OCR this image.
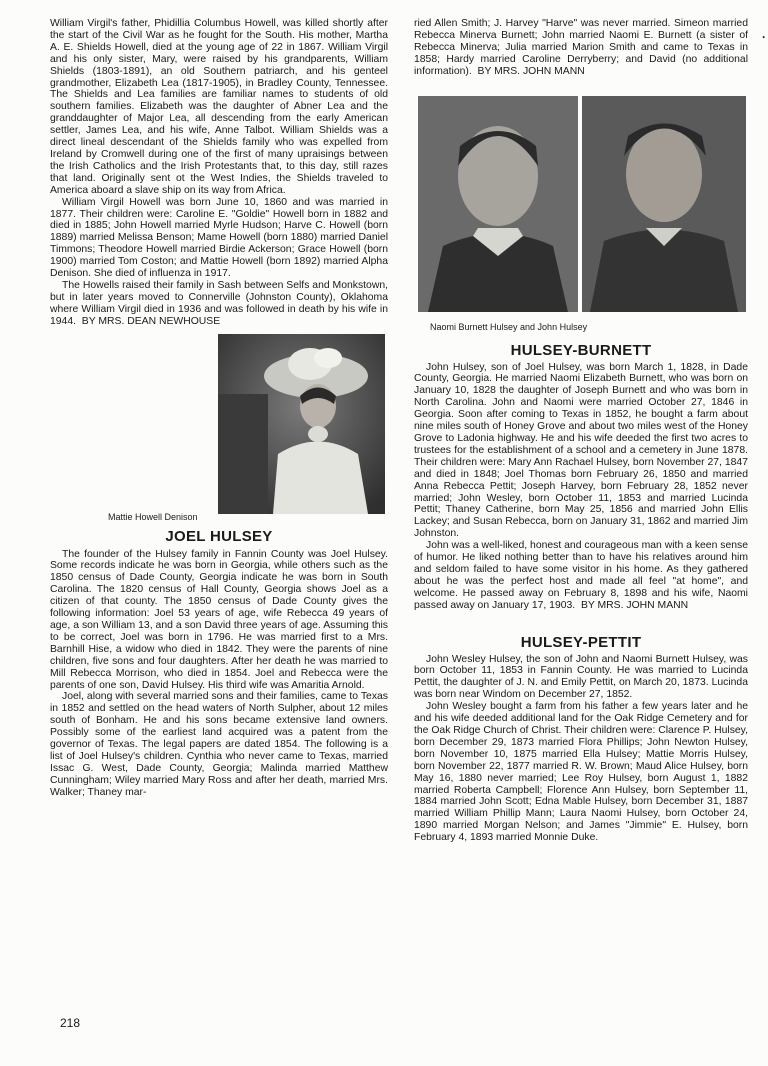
William Virgil's father, Phidillia Columbus Howell, was killed shortly after the start of the Civil War as he fought for the South. His mother, Martha A. E. Shields Howell, died at the young age of 22 in 1867. William Virgil and his only sister, Mary, were raised by his grandparents, William Shields (1803-1891), an old Southern patriarch, and his genteel grandmother, Elizabeth Lea (1817-1905), in Bradley County, Tennessee. The Shields and Lea families are familiar names to students of old southern families. Elizabeth was the daughter of Abner Lea and the granddaughter of Major Lea, all descending from the early American settler, James Lea, and his wife, Anne Talbot. William Shields was a direct lineal descendant of the Shields family who was expelled from Ireland by Cromwell during one of the first of many upraisings between the Irish Catholics and the Irish Protestants that, to this day, still razes that land. Originally sent ot the West Indies, the Shields traveled to America aboard a slave ship on its way from Africa.

William Virgil Howell was born June 10, 1860 and was married in 1877. Their children were: Caroline E. "Goldie" Howell born in 1882 and died in 1885; John Howell married Myrle Hudson; Harve C. Howell (born 1889) married Melissa Benson; Mame Howell (born 1880) married Daniel Timmons; Theodore Howell married Birdie Ackerson; Grace Howell (born 1900) married Tom Coston; and Mattie Howell (born 1892) married Alpha Denison. She died of influenza in 1917.

The Howells raised their family in Sash between Selfs and Monkstown, but in later years moved to Connerville (Johnston County), Oklahoma where William Virgil died in 1936 and was followed in death by his wife in 1944. BY MRS. DEAN NEWHOUSE

Mattie Howell Denison

JOEL HULSEY

The founder of the Hulsey family in Fannin County was Joel Hulsey. Some records indicate he was born in Georgia, while others such as the 1850 census of Dade County, Georgia indicate he was born in South Carolina. The 1820 census of Hall County, Georgia shows Joel as a citizen of that county. The 1850 census of Dade County gives the following information: Joel 53 years of age, wife Rebecca 49 years of age, a son William 13, and a son David three years of age. Assuming this to be correct, Joel was born in 1796. He was married first to a Mrs. Barnhill Hise, a widow who died in 1842. They were the parents of nine children, five sons and four daughters. After her death he was married to Mill Rebecca Morrison, who died in 1854. Joel and Rebecca were the parents of one son, David Hulsey. His third wife was Amaritia Arnold.

Joel, along with several married sons and their families, came to Texas in 1852 and settled on the head waters of North Sulpher, about 12 miles south of Bonham. He and his sons became extensive land owners. Possibly some of the earliest land acquired was a patent from the governor of Texas. The legal papers are dated 1854. The following is a list of Joel Hulsey's children. Cynthia who never came to Texas, married Issac G. West, Dade County, Georgia; Malinda married Matthew Cunningham; Wiley married Mary Ross and after her death, married Mrs. Walker; Thaney mar-

ried Allen Smith; J. Harvey "Harve" was never married. Simeon married Rebecca Minerva Burnett; John married Naomi E. Burnett (a sister of Rebecca Minerva; Julia married Marion Smith and came to Texas in 1858; Hardy married Caroline Derryberry; and David (no additional information). BY MRS. JOHN MANN

Naomi Burnett Hulsey and John Hulsey

HULSEY-BURNETT

John Hulsey, son of Joel Hulsey, was born March 1, 1828, in Dade County, Georgia. He married Naomi Elizabeth Burnett, who was born on January 10, 1828 the daughter of Joseph Burnett and who was born in North Carolina. John and Naomi were married October 27, 1846 in Georgia. Soon after coming to Texas in 1852, he bought a farm about nine miles south of Honey Grove and about two miles west of the Honey Grove to Ladonia highway. He and his wife deeded the first two acres to trustees for the establishment of a school and a cemetery in June 1878. Their children were: Mary Ann Rachael Hulsey, born November 27, 1847 and died in 1848; Joel Thomas born February 26, 1850 and married Anna Rebecca Pettit; Joseph Harvey, born February 28, 1852 never married; John Wesley, born October 11, 1853 and married Lucinda Pettit; Thaney Catherine, born May 25, 1856 and married John Ellis Lackey; and Susan Rebecca, born on January 31, 1862 and married Jim Johnston.

John was a well-liked, honest and courageous man with a keen sense of humor. He liked nothing better than to have his relatives around him and seldom failed to have some visitor in his home. As they gathered about he was the perfect host and made all feel "at home", and welcome. He passed away on February 8, 1898 and his wife, Naomi passed away on January 17, 1903. BY MRS. JOHN MANN

HULSEY-PETTIT

John Wesley Hulsey, the son of John and Naomi Burnett Hulsey, was born October 11, 1853 in Fannin County. He was married to Lucinda Pettit, the daughter of J. N. and Emily Pettit, on March 20, 1873. Lucinda was born near Windom on December 27, 1852.

John Wesley bought a farm from his father a few years later and he and his wife deeded additional land for the Oak Ridge Cemetery and for the Oak Ridge Church of Christ. Their children were: Clarence P. Hulsey, born December 29, 1873 married Flora Phillips; John Newton Hulsey, born November 10, 1875 married Ella Hulsey; Mattie Morris Hulsey, born November 22, 1877 married R. W. Brown; Maud Alice Hulsey, born May 16, 1880 never married; Lee Roy Hulsey, born August 1, 1882 married Roberta Campbell; Florence Ann Hulsey, born September 11, 1884 married John Scott; Edna Mable Hulsey, born December 31, 1887 married William Phillip Mann; Laura Naomi Hulsey, born October 24, 1890 married Morgan Nelson; and James "Jimmie" E. Hulsey, born February 4, 1893 married Monnie Duke.

218
·
